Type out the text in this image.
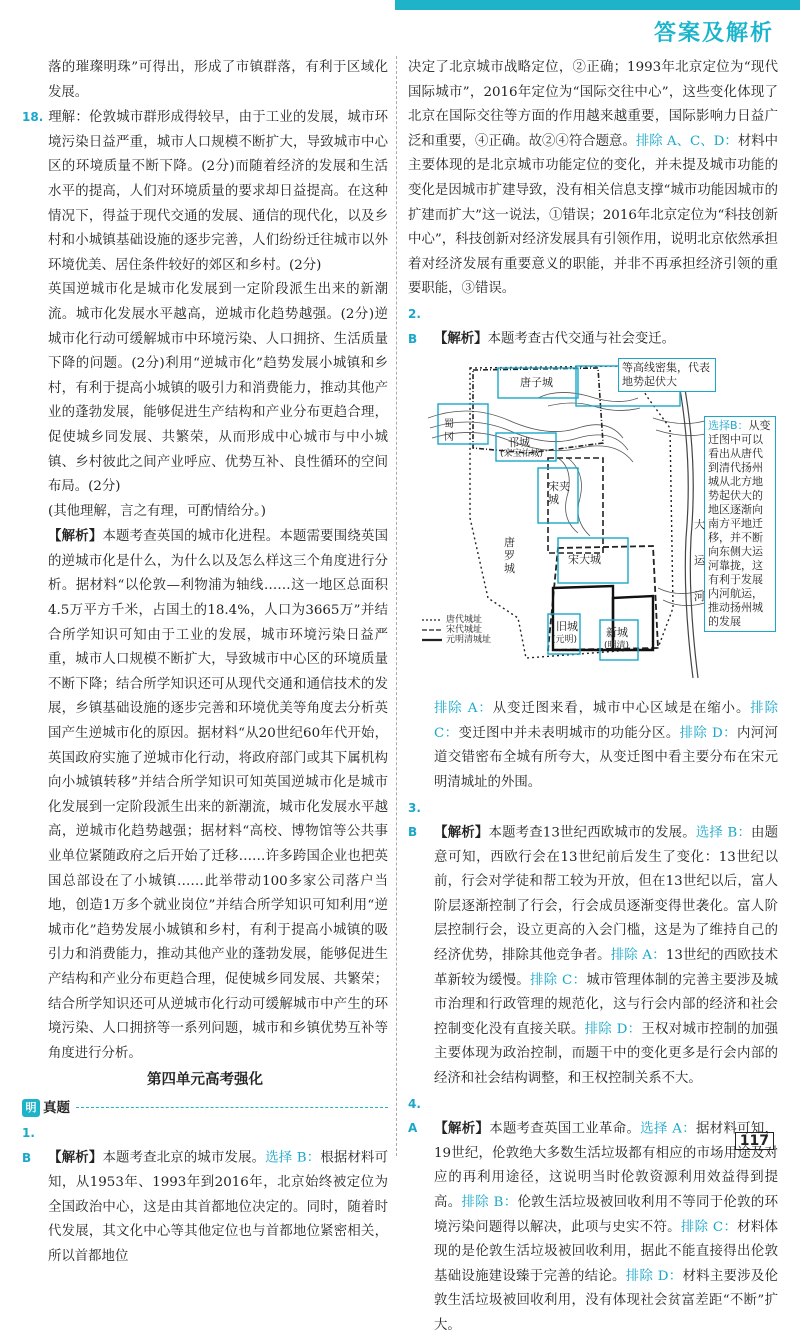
答案及解析

落的璀璨明珠”可得出，形成了市镇群落，有利于区域化发展。

18. 理解：伦敦城市群形成得较早，由于工业的发展，城市环境污染日益严重，城市人口规模不断扩大，导致城市中心区的环境质量不断下降。(2分)而随着经济的发展和生活水平的提高，人们对环境质量的要求却日益提高。在这种情况下，得益于现代交通的发展、通信的现代化，以及乡村和小城镇基础设施的逐步完善，人们纷纷迁往城市以外环境优美、居住条件较好的郊区和乡村。(2分)

英国逆城市化是城市化发展到一定阶段派生出来的新潮流。城市化发展水平越高，逆城市化趋势越强。(2分)逆城市化行动可缓解城市中环境污染、人口拥挤、生活质量下降的问题。(2分)利用“逆城市化”趋势发展小城镇和乡村，有利于提高小城镇的吸引力和消费能力，推动其他产业的蓬勃发展，能够促进生产结构和产业分布更趋合理，促使城乡同发展、共繁荣，从而形成中心城市与中小城镇、乡村彼此之间产业呼应、优势互补、良性循环的空间布局。(2分)

(其他理解，言之有理，可酌情给分。)

【解析】本题考查英国的城市化进程。本题需要围绕英国的逆城市化是什么，为什么以及怎么样这三个角度进行分析。据材料“以伦敦—利物浦为轴线……这一地区总面积4.5万平方千米，占国土的18.4%，人口为3665万”并结合所学知识可知由于工业的发展，城市环境污染日益严重，城市人口规模不断扩大，导致城市中心区的环境质量不断下降；结合所学知识还可从现代交通和通信技术的发展，乡镇基础设施的逐步完善和环境优美等角度去分析英国产生逆城市化的原因。据材料“从20世纪60年代开始，英国政府实施了逆城市化行动，将政府部门或其下属机构向小城镇转移”并结合所学知识可知英国逆城市化是城市化发展到一定阶段派生出来的新潮流，城市化发展水平越高，逆城市化趋势越强；据材料“高校、博物馆等公共事业单位紧随政府之后开始了迁移……许多跨国企业也把英国总部设在了小城镇……此举带动100多家公司落户当地，创造1万多个就业岗位”并结合所学知识可知利用“逆城市化”趋势发展小城镇和乡村，有利于提高小城镇的吸引力和消费能力，推动其他产业的蓬勃发展，能够促进生产结构和产业分布更趋合理，促使城乡同发展、共繁荣；结合所学知识还可从逆城市化行动可缓解城市中产生的环境污染、人口拥挤等一系列问题，城市和乡镇优势互补等角度进行分析。

第四单元高考强化
明 真题

1. B 【解析】本题考查北京的城市发展。选择 B：根据材料可知，从1953年、1993年到2016年，北京始终被定位为全国政治中心，这是由其首都地位决定的。同时，随着时代发展，其文化中心等其他定位也与首都地位紧密相关，所以首都地位

决定了北京城市战略定位，②正确；1993年北京定位为“现代国际城市”，2016年定位为“国际交往中心”，这些变化体现了北京在国际交往等方面的作用越来越重要，国际影响力日益广泛和重要，④正确。故②④符合题意。排除 A、C、D：材料中主要体现的是北京城市功能定位的变化，并未提及城市功能的变化是因城市扩建导致，没有相关信息支撑“城市功能因城市的扩建而扩大”这一说法，①错误；2016年北京定位为“科技创新中心”，科技创新对经济发展具有引领作用，说明北京依然承担着对经济发展有重要意义的职能，并非不再承担经济引领的重要职能，③错误。

2. B 【解析】本题考查古代交通与社会变迁。

等高线密集，代表地势起伏大
选择B：从变迁图中可以看出从唐代到清代扬州城从北方地势起伏大的地区逐渐向南方平地迁移，并不断向东侧大运河靠拢，这有利于发展内河航运，推动扬州城的发展
唐子城
邗城
(宋宝祐城)
宋夹城
宋大城
唐罗城
旧城
(元明)
新城
(明清)
大
运
河
蜀冈
唐代城址
宋代城址
元明清城址

排除 A：从变迁图来看，城市中心区域是在缩小。排除 C：变迁图中并未表明城市的功能分区。排除 D：内河河道交错密布全城有所夸大，从变迁图中看主要分布在宋元明清城址的外围。

3. B 【解析】本题考查13世纪西欧城市的发展。选择 B：由题意可知，西欧行会在13世纪前后发生了变化：13世纪以前，行会对学徒和帮工较为开放，但在13世纪以后，富人阶层逐渐控制了行会，行会成员逐渐变得世袭化。富人阶层控制行会，设立更高的入会门槛，这是为了维持自己的经济优势，排除其他竞争者。排除 A：13世纪的西欧技术革新较为缓慢。排除 C：城市管理体制的完善主要涉及城市治理和行政管理的规范化，这与行会内部的经济和社会控制变化没有直接关联。排除 D：王权对城市控制的加强主要体现为政治控制，而题干中的变化更多是行会内部的经济和社会结构调整，和王权控制关系不大。

4. A 【解析】本题考查英国工业革命。选择 A：据材料可知，19世纪，伦敦绝大多数生活垃圾都有相应的市场用途及对应的再利用途径，这说明当时伦敦资源利用效益得到提高。排除 B：伦敦生活垃圾被回收利用不等同于伦敦的环境污染问题得以解决，此项与史实不符。排除 C：材料体现的是伦敦生活垃圾被回收利用，据此不能直接得出伦敦基础设施建设臻于完善的结论。排除 D：材料主要涉及伦敦生活垃圾被回收利用，没有体现社会贫富差距“不断”扩大。

117
